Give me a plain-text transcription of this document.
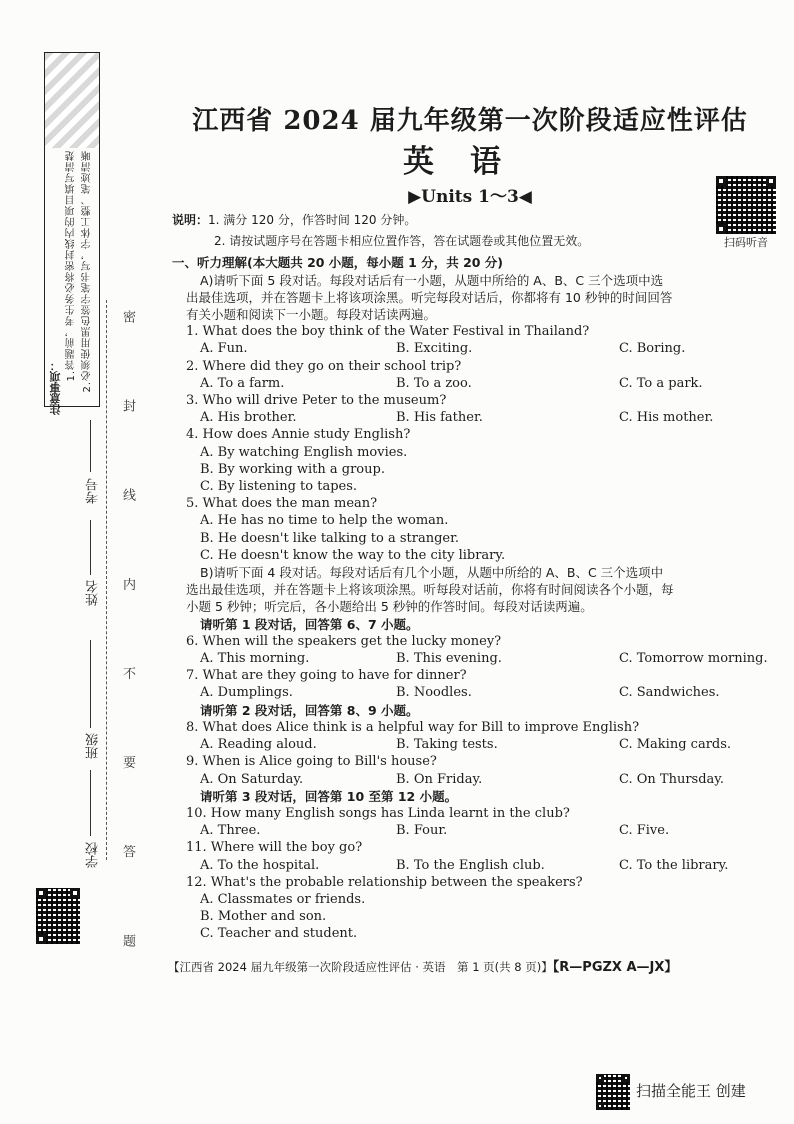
注意事项：
1.答题前，考生务必将密封线内的项目填写清楚 2.必须使用黑色签字笔书写，字体工整、笔迹清晰
考号
姓名
班级
学校 密 封 线 内 不 要 答 题
扫码听音
江西省 2024 届九年级第一次阶段适应性评估
英语
▶Units 1～3◀

说明：1. 满分 120 分，作答时间 120 分钟。

2. 请按试题序号在答题卡相应位置作答，答在试题卷或其他位置无效。

一、听力理解(本大题共 20 小题，每小题 1 分，共 20 分)

A)请听下面 5 段对话。每段对话后有一小题，从题中所给的 A、B、C 三个选项中选

出最佳选项，并在答题卡上将该项涂黑。听完每段对话后，你都将有 10 秒钟的时间回答

有关小题和阅读下一小题。每段对话读两遍。

1. What does the boy think of the Water Festival in Thailand?

A. Fun.	B. Exciting.	C. Boring.

2. Where did they go on their school trip?

A. To a farm.	B. To a zoo.	C. To a park.

3. Who will drive Peter to the museum?

A. His brother.	B. His father.	C. His mother.

4. How does Annie study English?

A. By watching English movies.

B. By working with a group.

C. By listening to tapes.

5. What does the man mean?

A. He has no time to help the woman.

B. He doesn't like talking to a stranger.

C. He doesn't know the way to the city library.

B)请听下面 4 段对话。每段对话后有几个小题，从题中所给的 A、B、C 三个选项中

选出最佳选项，并在答题卡上将该项涂黑。听每段对话前，你将有时间阅读各个小题，每

小题 5 秒钟；听完后，各小题给出 5 秒钟的作答时间。每段对话读两遍。

请听第 1 段对话，回答第 6、7 小题。

6. When will the speakers get the lucky money?

A. This morning.	B. This evening.	C. Tomorrow morning.

7. What are they going to have for dinner?

A. Dumplings.	B. Noodles.	C. Sandwiches.

请听第 2 段对话，回答第 8、9 小题。

8. What does Alice think is a helpful way for Bill to improve English?

A. Reading aloud.	B. Taking tests.	C. Making cards.

9. When is Alice going to Bill's house?

A. On Saturday.	B. On Friday.	C. On Thursday.

请听第 3 段对话，回答第 10 至第 12 小题。

10. How many English songs has Linda learnt in the club?

A. Three.	B. Four.	C. Five.

11. Where will the boy go?

A. To the hospital.	B. To the English club.	C. To the library.

12. What's the probable relationship between the speakers?

A. Classmates or friends.

B. Mother and son.

C. Teacher and student.

【江西省 2024 届九年级第一次阶段适应性评估 · 英语　第 1 页(共 8 页)】【R—PGZX A—JX】
扫描全能王 创建
